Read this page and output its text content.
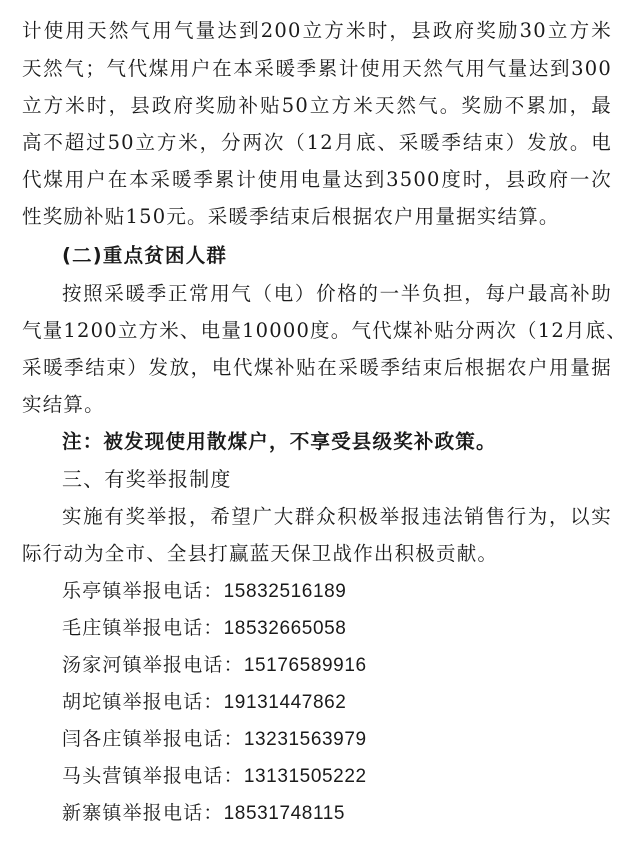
计使用天然气用气量达到200立方米时，县政府奖励30立方米
天然气；气代煤用户在本采暖季累计使用天然气用气量达到300
立方米时，县政府奖励补贴50立方米天然气。奖励不累加，最
高不超过50立方米，分两次（12月底、采暖季结束）发放。电
代煤用户在本采暖季累计使用电量达到3500度时，县政府一次
性奖励补贴150元。采暖季结束后根据农户用量据实结算。
(二)重点贫困人群
按照采暖季正常用气（电）价格的一半负担，每户最高补助
气量1200立方米、电量10000度。气代煤补贴分两次（12月底、
采暖季结束）发放，电代煤补贴在采暖季结束后根据农户用量据
实结算。
注：被发现使用散煤户，不享受县级奖补政策。
三、有奖举报制度
实施有奖举报，希望广大群众积极举报违法销售行为，以实
际行动为全市、全县打赢蓝天保卫战作出积极贡献。
乐亭镇举报电话：15832516189
毛庄镇举报电话：18532665058
汤家河镇举报电话：15176589916
胡坨镇举报电话：19131447862
闫各庄镇举报电话：13231563979
马头营镇举报电话：13131505222
新寨镇举报电话：18531748115
